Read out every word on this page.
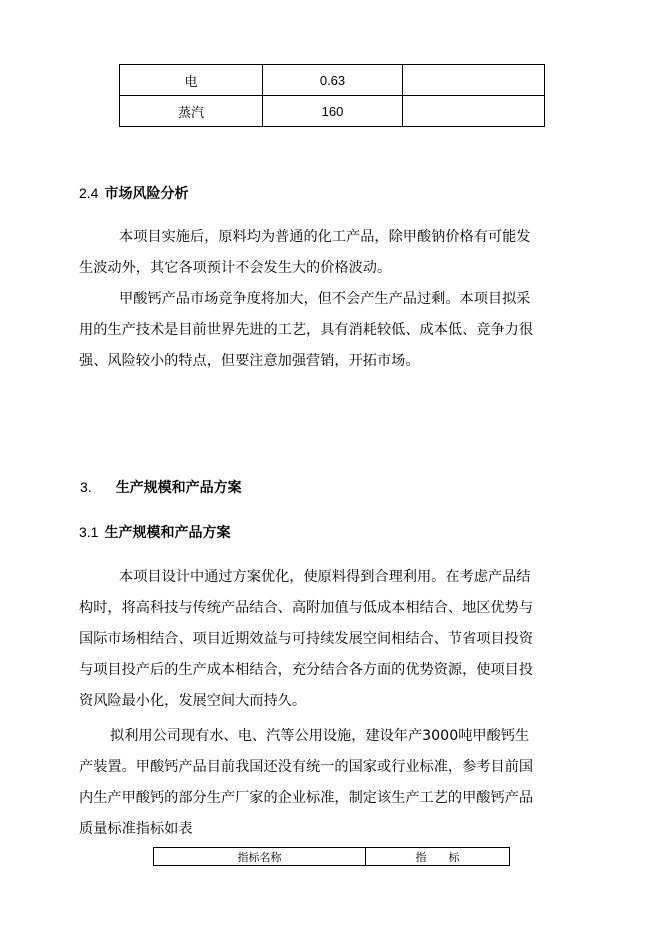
电	0.63	
蒸汽	160	
2.4 市场风险分析
本项目实施后，原料均为普通的化工产品，除甲酸钠价格有可能发
生波动外，其它各项预计不会发生大的价格波动。
甲酸钙产品市场竞争度将加大，但不会产生产品过剩。本项目拟采
用的生产技术是目前世界先进的工艺，具有消耗较低、成本低、竞争力很
强、风险较小的特点，但要注意加强营销，开拓市场。
3. 生产规模和产品方案
3.1 生产规模和产品方案
本项目设计中通过方案优化，使原料得到合理利用。在考虑产品结
构时，将高科技与传统产品结合、高附加值与低成本相结合、地区优势与
国际市场相结合、项目近期效益与可持续发展空间相结合、节省项目投资
与项目投产后的生产成本相结合，充分结合各方面的优势资源，使项目投
资风险最小化，发展空间大而持久。
拟利用公司现有水、电、汽等公用设施，建设年产3000吨甲酸钙生
产装置。甲酸钙产品目前我国还没有统一的国家或行业标准，参考目前国
内生产甲酸钙的部分生产厂家的企业标准，制定该生产工艺的甲酸钙产品
质量标准指标如表
指标名称	指　　标
